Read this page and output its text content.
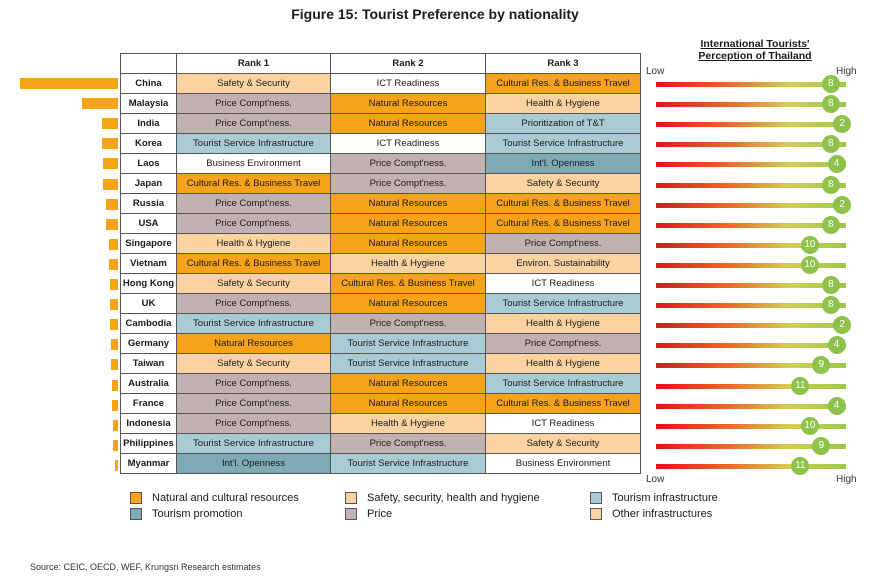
Figure 15: Tourist Preference by nationality
	Rank 1	Rank 2	Rank 3
China	Safety & Security	ICT Readiness	Cultural Res. & Business Travel
Malaysia	Price Compt'ness.	Natural Resources	Health & Hygiene
India	Price Compt'ness.	Natural Resources	Prioritization of T&T
Korea	Tourist Service Infrastructure	ICT Readiness	Tourist Service Infrastructure
Laos	Business Environment	Price Compt'ness.	Int'l. Openness
Japan	Cultural Res. & Business Travel	Price Compt'ness.	Safety & Security
Russia	Price Compt'ness.	Natural Resources	Cultural Res. & Business Travel
USA	Price Compt'ness.	Natural Resources	Cultural Res. & Business Travel
Singapore	Health & Hygiene	Natural Resources	Price Compt'ness.
Vietnam	Cultural Res. & Business Travel	Health & Hygiene	Environ. Sustainability
Hong Kong	Safety & Security	Cultural Res. & Business Travel	ICT Readiness
UK	Price Compt'ness.	Natural Resources	Tourist Service Infrastructure
Cambodia	Tourist Service Infrastructure	Price Compt'ness.	Health & Hygiene
Germany	Natural Resources	Tourist Service Infrastructure	Price Compt'ness.
Taiwan	Safety & Security	Tourist Service Infrastructure	Health & Hygiene
Australia	Price Compt'ness.	Natural Resources	Tourist Service Infrastructure
France	Price Compt'ness.	Natural Resources	Cultural Res. & Business Travel
Indonesia	Price Compt'ness.	Health & Hygiene	ICT Readiness
Philippines	Tourist Service Infrastructure	Price Compt'ness.	Safety & Security
Myanmar	Int'l. Openness	Tourist Service Infrastructure	Business Environment
International Tourists' Perception of Thailand
Low	High
8
8
2
8
4
8
2
8
10
10
8
8
2
4
9
11
4
10
9
11
Low	High
Natural and cultural resources	Safety, security, health and hygiene	Tourism infrastructure
Tourism promotion	Price	Other infrastructures
Source: CEIC, OECD, WEF, Krungsri Research estimates
